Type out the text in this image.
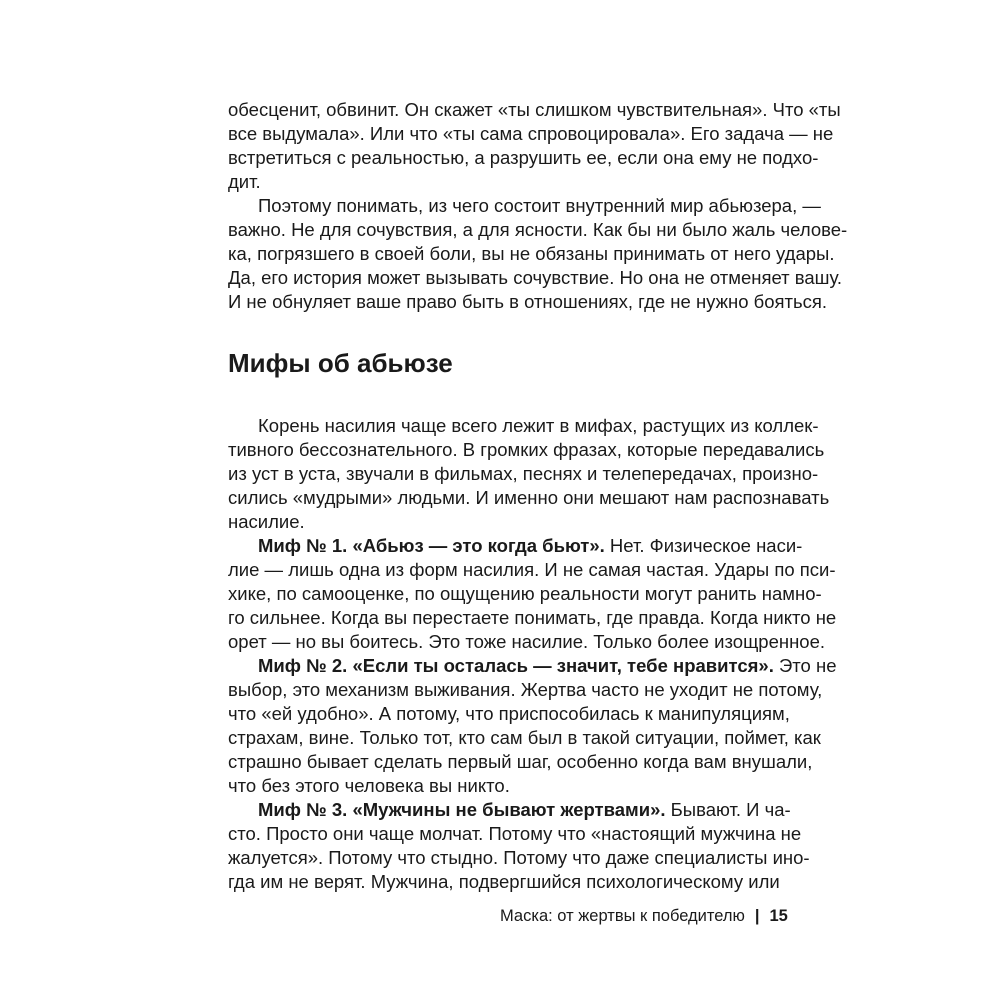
обесценит, обвинит. Он скажет «ты слишком чувствительная». Что «ты
все выдумала». Или что «ты сама спровоцировала». Его задача — не
встретиться с реальностью, а разрушить ее, если она ему не подхо-
дит.
Поэтому понимать, из чего состоит внутренний мир абьюзера, —
важно. Не для сочувствия, а для ясности. Как бы ни было жаль челове-
ка, погрязшего в своей боли, вы не обязаны принимать от него удары.
Да, его история может вызывать сочувствие. Но она не отменяет вашу.
И не обнуляет ваше право быть в отношениях, где не нужно бояться.
Мифы об абьюзе
Корень насилия чаще всего лежит в мифах, растущих из коллек-
тивного бессознательного. В громких фразах, которые передавались
из уст в уста, звучали в фильмах, песнях и телепередачах, произно-
сились «мудрыми» людьми. И именно они мешают нам распознавать
насилие.
Миф № 1. «Абьюз — это когда бьют». Нет. Физическое наси-
лие — лишь одна из форм насилия. И не самая частая. Удары по пси-
хике, по самооценке, по ощущению реальности могут ранить намно-
го сильнее. Когда вы перестаете понимать, где правда. Когда никто не
орет — но вы боитесь. Это тоже насилие. Только более изощренное.
Миф № 2. «Если ты осталась — значит, тебе нравится». Это не
выбор, это механизм выживания. Жертва часто не уходит не потому,
что «ей удобно». А потому, что приспособилась к манипуляциям,
страхам, вине. Только тот, кто сам был в такой ситуации, поймет, как
страшно бывает сделать первый шаг, особенно когда вам внушали,
что без этого человека вы никто.
Миф № 3. «Мужчины не бывают жертвами». Бывают. И ча-
сто. Просто они чаще молчат. Потому что «настоящий мужчина не
жалуется». Потому что стыдно. Потому что даже специалисты ино-
гда им не верят. Мужчина, подвергшийся психологическому или
Маска: от жертвы к победителю | 15
